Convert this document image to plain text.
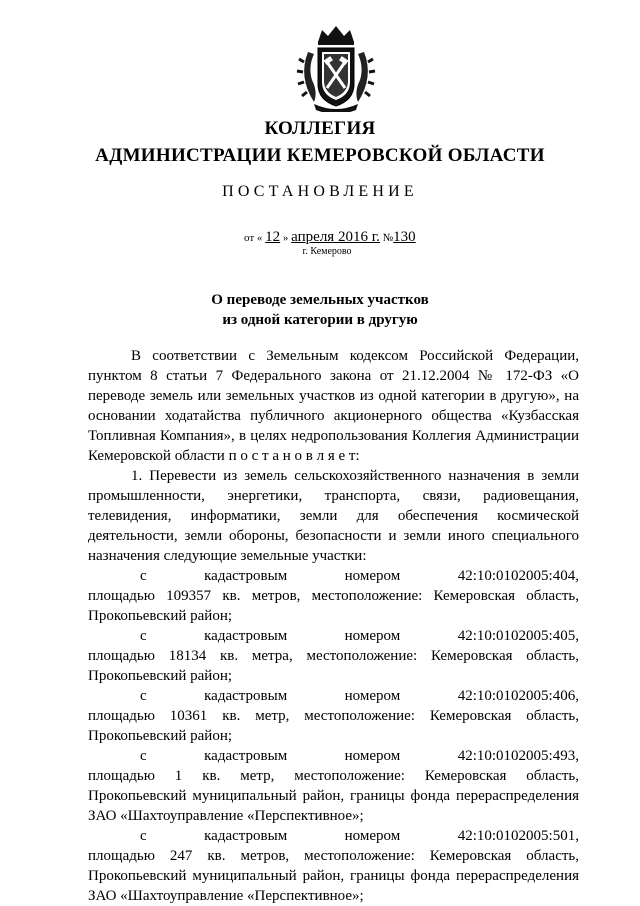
КОЛЛЕГИЯ
АДМИНИСТРАЦИИ КЕМЕРОВСКОЙ ОБЛАСТИ
ПОСТАНОВЛЕНИЕ
от « 12 » апреля 2016 г. №130
г. Кемерово
О переводе земельных участков
из одной категории в другую

В соответствии с Земельным кодексом Российской Федерации, пунктом 8 статьи 7 Федерального закона от 21.12.2004 № 172-ФЗ «О переводе земель или земельных участков из одной категории в другую», на основании ходатайства публичного акционерного общества «Кузбасская Топливная Компания», в целях недропользования Коллегия Администрации Кемеровской области п о с т а н о в л я е т:

1. Перевести из земель сельскохозяйственного назначения в земли промышленности, энергетики, транспорта, связи, радиовещания, телевидения, информатики, земли для обеспечения космической деятельности, земли обороны, безопасности и земли иного специального назначения следующие земельные участки:

с	кадастровым	номером	42:10:0102005:404,
площадью 109357 кв. метров, местоположение: Кемеровская область,
Прокопьевский район;
с	кадастровым	номером	42:10:0102005:405,
площадью 18134 кв. метра, местоположение: Кемеровская область,
Прокопьевский район;
с	кадастровым	номером	42:10:0102005:406,
площадью 10361 кв. метр, местоположение: Кемеровская область,
Прокопьевский район;
с	кадастровым	номером	42:10:0102005:493,
площадью 1 кв. метр, местоположение: Кемеровская область,
Прокопьевский муниципальный район, границы фонда перераспределения
ЗАО «Шахтоуправление «Перспективное»;
с	кадастровым	номером	42:10:0102005:501,
площадью 247 кв. метров, местоположение: Кемеровская область,
Прокопьевский муниципальный район, границы фонда перераспределения
ЗАО «Шахтоуправление «Перспективное»;
